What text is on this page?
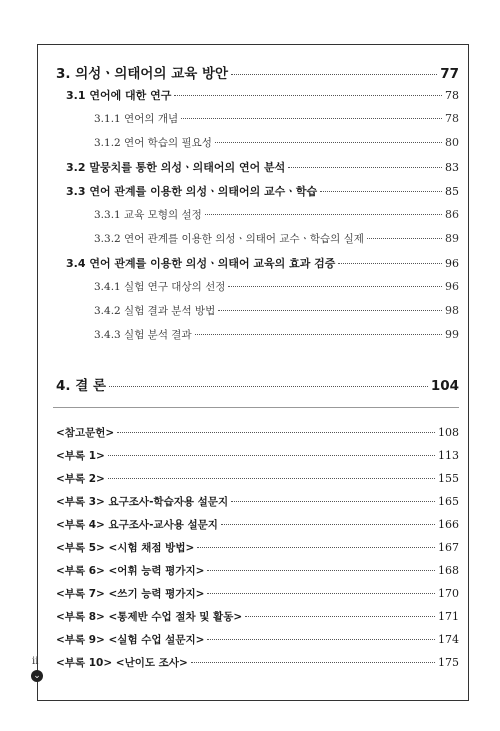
3. 의성ㆍ의태어의 교육 방안	77
3.1 연어에 대한 연구	78
3.1.1 연어의 개념	78
3.1.2 연어 학습의 필요성	80
3.2 말뭉치를 통한 의성ㆍ의태어의 연어 분석	83
3.3 연어 관계를 이용한 의성ㆍ의태어의 교수ㆍ학습	85
3.3.1 교육 모형의 설정	86
3.3.2 연어 관계를 이용한 의성ㆍ의태어 교수ㆍ학습의 실제	89
3.4 연어 관계를 이용한 의성ㆍ의태어 교육의 효과 검증	96
3.4.1 실험 연구 대상의 선정	96
3.4.2 실험 결과 분석 방법	98
3.4.3 실험 분석 결과	99
4. 결 론	104
<참고문헌>	108
<부록 1>	113
<부록 2>	155
<부록 3> 요구조사-학습자용 설문지	165
<부록 4> 요구조사-교사용 설문지	166
<부록 5> <시험 채점 방법>	167
<부록 6> <어휘 능력 평가지>	168
<부록 7> <쓰기 능력 평가지>	170
<부록 8> <통제반 수업 절차 및 활동>	171
<부록 9> <실험 수업 설문지>	174
<부록 10> <난이도 조사>	175
ii
⌄
